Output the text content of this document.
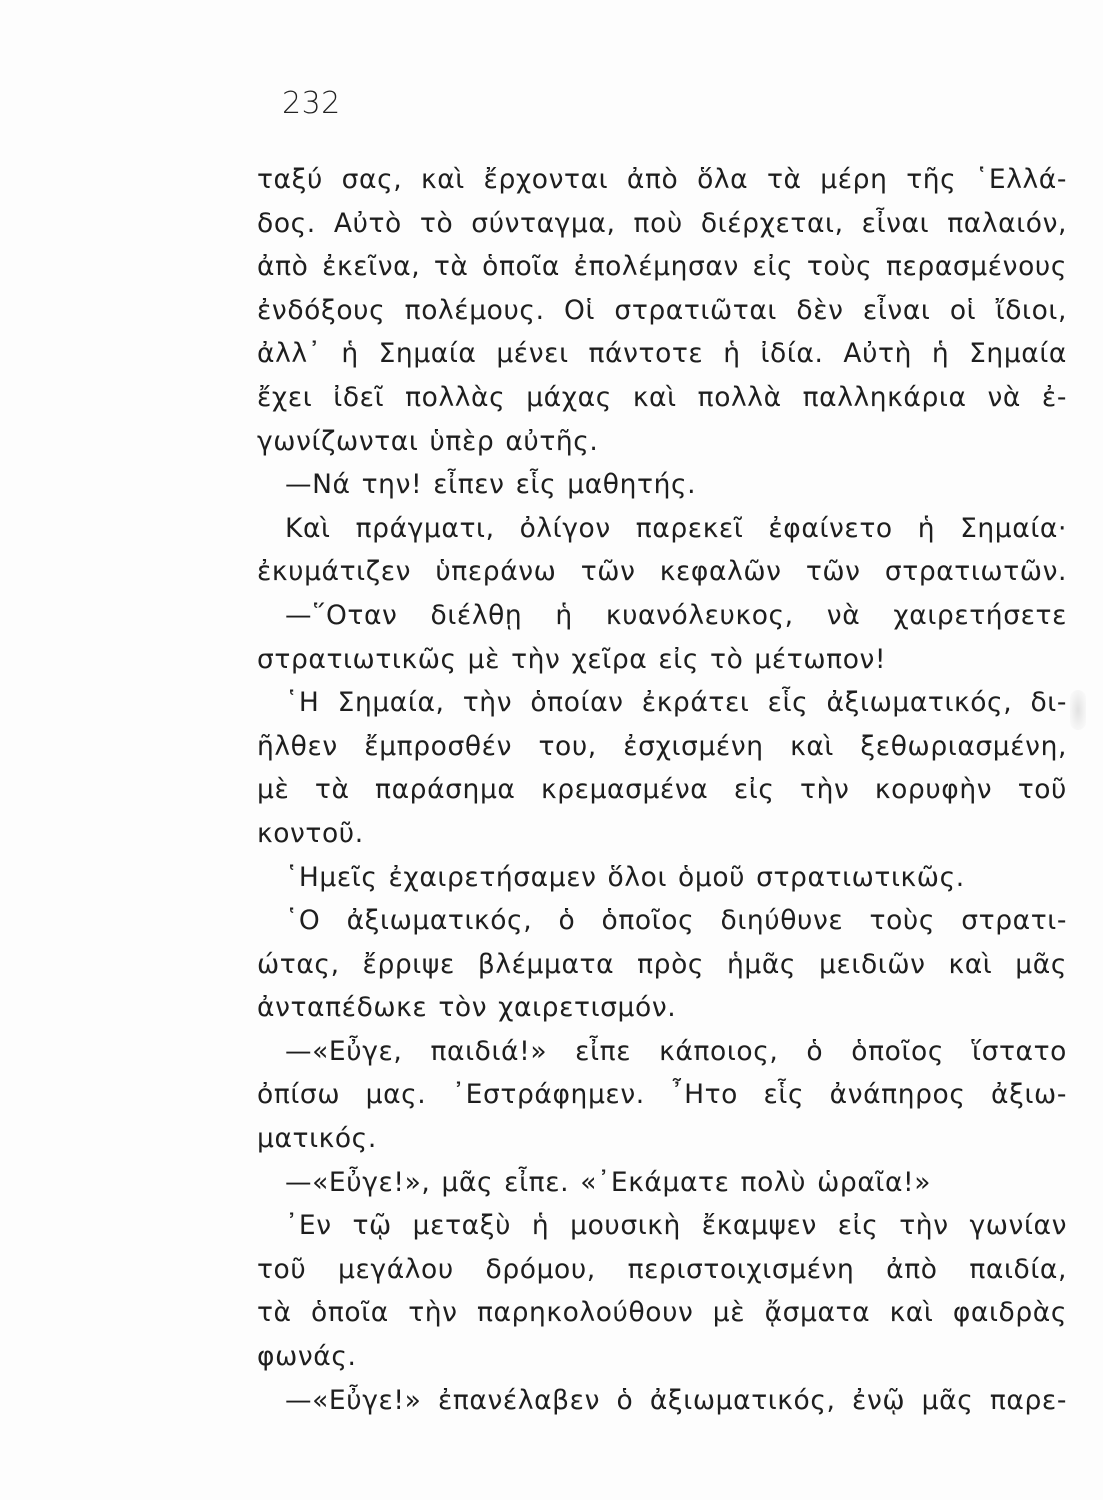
232
ταξύ σας, καὶ ἔρχονται ἀπὸ ὅλα τὰ μέρη τῆς ῾Ελλά-
δος. Αὐτὸ τὸ σύνταγμα, ποὺ διέρχεται, εἶναι παλαιόν,
ἀπὸ ἐκεῖνα, τὰ ὁποῖα ἐπολέμησαν εἰς τοὺς περασμένους
ἐνδόξους πολέμους. Οἱ στρατιῶται δὲν εἶναι οἱ ἴδιοι,
ἀλλ᾽ ἡ Σημαία μένει πάντοτε ἡ ἰδία. Αὐτὴ ἡ Σημαία
ἔχει ἰδεῖ πολλὰς μάχας καὶ πολλὰ παλληκάρια νὰ ἐ-
γωνίζωνται ὑπὲρ αὐτῆς.
—Νά την! εἶπεν εἷς μαθητής.
Καὶ πράγματι, ὀλίγον παρεκεῖ ἐφαίνετο ἡ Σημαία·
ἐκυμάτιζεν ὑπεράνω τῶν κεφαλῶν τῶν στρατιωτῶν.
—῞Οταν διέλθῃ ἡ κυανόλευκος, νὰ χαιρετήσετε
στρατιωτικῶς μὲ τὴν χεῖρα εἰς τὸ μέτωπον!
῾Η Σημαία, τὴν ὁποίαν ἐκράτει εἷς ἀξιωματικός, δι-
ῆλθεν ἔμπροσθέν του, ἐσχισμένη καὶ ξεθωριασμένη,
μὲ τὰ παράσημα κρεμασμένα εἰς τὴν κορυφὴν τοῦ
κοντοῦ.
῾Ημεῖς ἐχαιρετήσαμεν ὅλοι ὁμοῦ στρατιωτικῶς.
῾Ο ἀξιωματικός, ὁ ὁποῖος διηύθυνε τοὺς στρατι-
ώτας, ἔρριψε βλέμματα πρὸς ἡμᾶς μειδιῶν καὶ μᾶς
ἀνταπέδωκε τὸν χαιρετισμόν.
—«Εὖγε, παιδιά!» εἶπε κάποιος, ὁ ὁποῖος ἵστατο
ὀπίσω μας. ᾿Εστράφημεν. ῏Ητο εἷς ἀνάπηρος ἀξιω-
ματικός.
—«Εὖγε!», μᾶς εἶπε. «᾿Εκάματε πολὺ ὡραῖα!»
᾿Εν τῷ μεταξὺ ἡ μουσικὴ ἔκαμψεν εἰς τὴν γωνίαν
τοῦ μεγάλου δρόμου, περιστοιχισμένη ἀπὸ παιδία,
τὰ ὁποῖα τὴν παρηκολούθουν μὲ ᾄσματα καὶ φαιδρὰς
φωνάς.
—«Εὖγε!» ἐπανέλαβεν ὁ ἀξιωματικός, ἐνῷ μᾶς παρε-
